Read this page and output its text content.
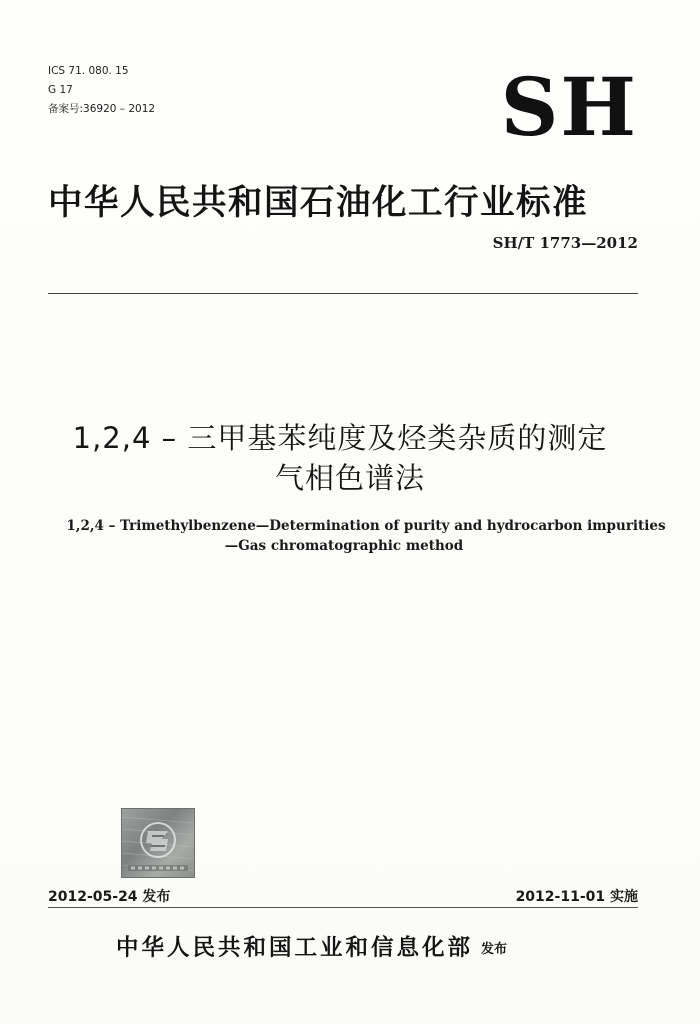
ICS 71. 080. 15
G 17
备案号:36920 – 2012	SH
中华人民共和国石油化工行业标准
SH/T 1773—2012
1,2,4 – 三甲基苯纯度及烃类杂质的测定
气相色谱法
1,2,4 – Trimethylbenzene—Determination of purity and hydrocarbon impurities
—Gas chromatographic method
2012-05-24 发布	2012-11-01 实施
中华人民共和国工业和信息化部 发布
